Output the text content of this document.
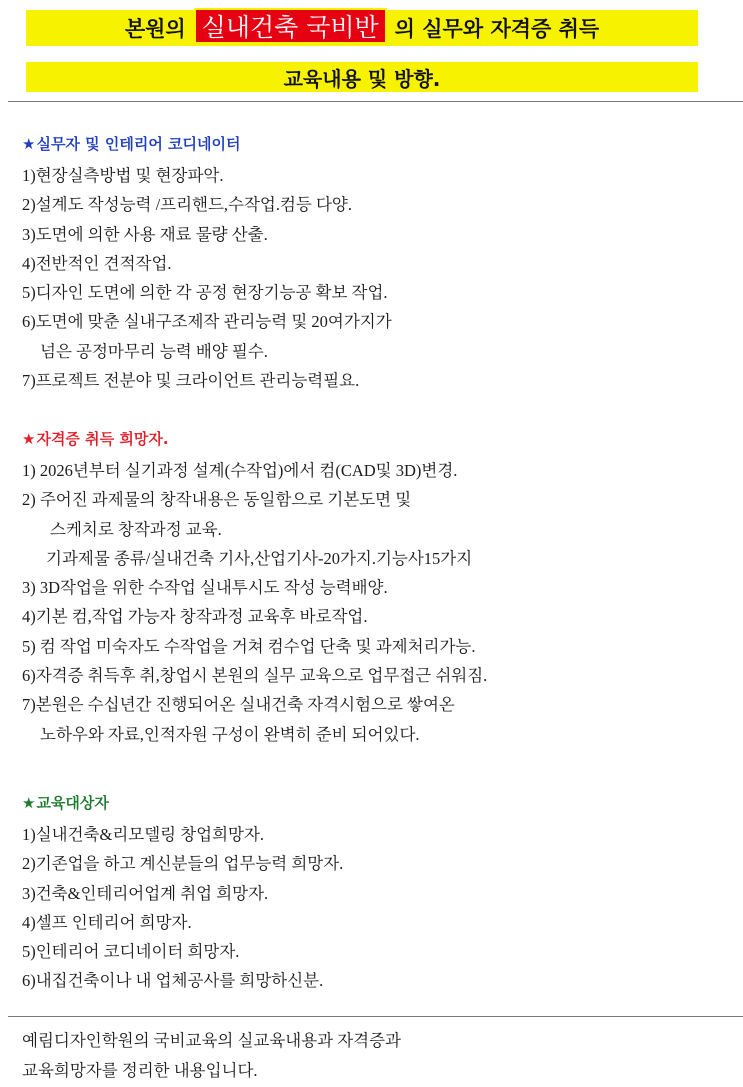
본원의 실내건축 국비반 의 실무와 자격증 취득
교육내용 및 방향.
★실무자 및 인테리어 코디네이터
1)현장실측방법 및 현장파악.
2)설계도 작성능력 /프리핸드,수작업.컴등 다양.
3)도면에 의한 사용 재료 물량 산출.
4)전반적인 견적작업.
5)디자인 도면에 의한 각 공정 현장기능공 확보 작업.
6)도면에 맞춘 실내구조제작 관리능력 및 20여가지가
넘은 공정마무리 능력 배양 필수.
7)프로젝트 전분야 및 크라이언트 관리능력필요.
★자격증 취득 희망자.
1) 2026년부터 실기과정 설계(수작업)에서 컴(CAD및 3D)변경.
2) 주어진 과제물의 창작내용은 동일함으로 기본도면 및
스케치로 창작과정 교육.
기과제물 종류/실내건축 기사,산업기사-20가지.기능사15가지
3) 3D작업을 위한 수작업 실내투시도 작성 능력배양.
4)기본 컴,작업 가능자 창작과정 교육후 바로작업.
5) 컴 작업 미숙자도 수작업을 거쳐 컴수업 단축 및 과제처리가능.
6)자격증 취득후 취,창업시 본원의 실무 교육으로 업무접근 쉬워짐.
7)본원은 수십년간 진행되어온 실내건축 자격시험으로 쌓여온
노하우와 자료,인적자원 구성이 완벽히 준비 되어있다.
★교육대상자
1)실내건축&리모델링 창업희망자.
2)기존업을 하고 계신분들의 업무능력 희망자.
3)건축&인테리어업계 취업 희망자.
4)셀프 인테리어 희망자.
5)인테리어 코디네이터 희망자.
6)내집건축이나 내 업체공사를 희망하신분.
예림디자인학원의 국비교육의 실교육내용과 자격증과
교육희망자를 정리한 내용입니다.
